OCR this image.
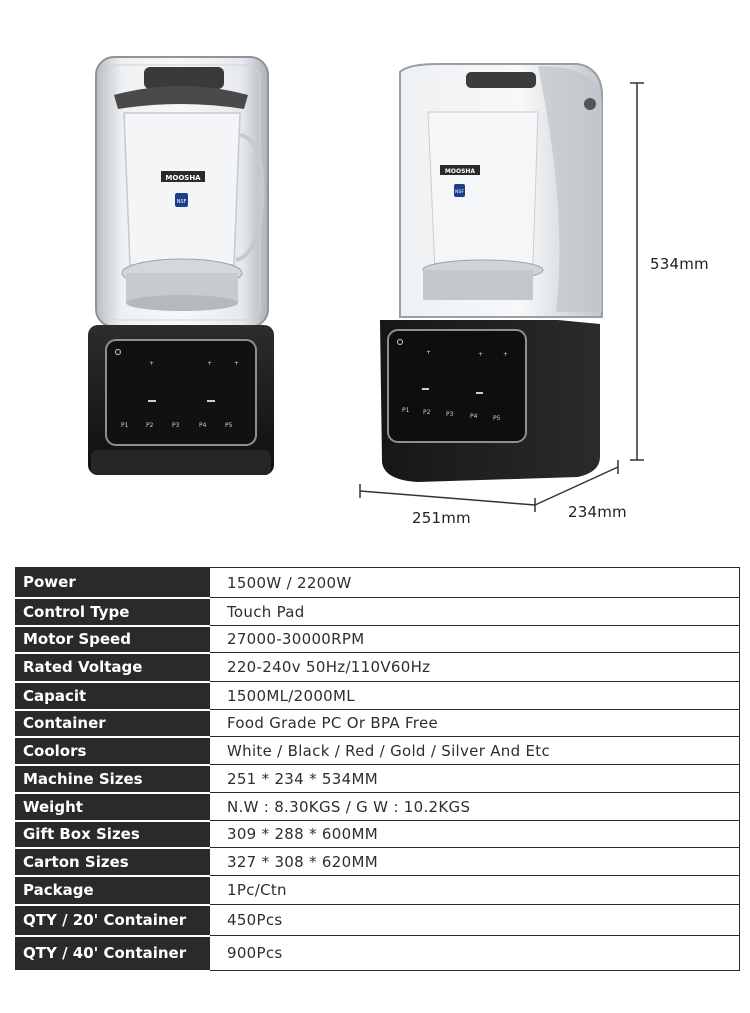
MOOSHA
NSF
+	+	+
P1	P2	P3	P4	P5
MOOSHA
NSF
+	+	+
P1 P2	P3	P4	P5
534mm
251mm	234mm
Power	1500W / 2200W
Control Type	Touch Pad
Motor Speed	27000-30000RPM
Rated Voltage	220-240v 50Hz/110V60Hz
Capacit	1500ML/2000ML
Container	Food Grade PC Or BPA Free
Coolors	White / Black / Red / Gold / Silver And Etc
Machine Sizes	251 * 234 * 534MM
Weight	N.W : 8.30KGS / G W : 10.2KGS
Gift Box Sizes	309 * 288 * 600MM
Carton Sizes	327 * 308 * 620MM
Package	1Pc/Ctn
QTY / 20' Container	450Pcs
QTY / 40' Container	900Pcs
